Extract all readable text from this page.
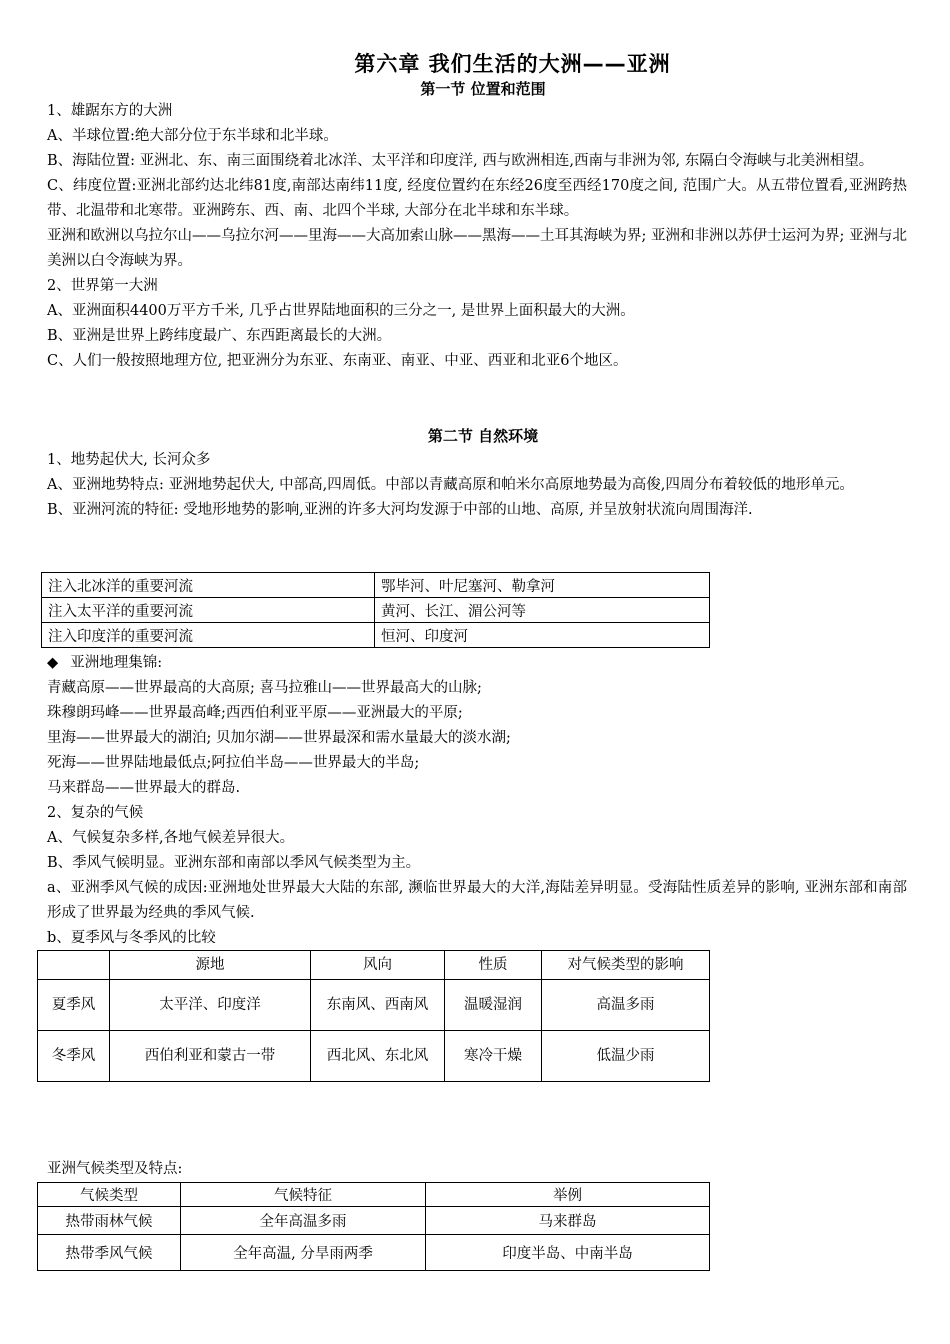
第六章 我们生活的大洲——亚洲
第一节 位置和范围

1、雄踞东方的大洲

A、半球位置:绝大部分位于东半球和北半球。

B、海陆位置: 亚洲北、东、南三面围绕着北冰洋、太平洋和印度洋, 西与欧洲相连,西南与非洲为邻, 东隔白令海峡与北美洲相望。

C、纬度位置:亚洲北部约达北纬81度,南部达南纬11度, 经度位置约在东经26度至西经170度之间, 范围广大。从五带位置看,亚洲跨热带、北温带和北寒带。亚洲跨东、西、南、北四个半球, 大部分在北半球和东半球。

亚洲和欧洲以乌拉尔山——乌拉尔河——里海——大高加索山脉——黑海——土耳其海峡为界; 亚洲和非洲以苏伊士运河为界; 亚洲与北美洲以白令海峡为界。

2、世界第一大洲

A、亚洲面积4400万平方千米, 几乎占世界陆地面积的三分之一, 是世界上面积最大的大洲。

B、亚洲是世界上跨纬度最广、东西距离最长的大洲。

C、人们一般按照地理方位, 把亚洲分为东亚、东南亚、南亚、中亚、西亚和北亚6个地区。

第二节 自然环境

1、地势起伏大, 长河众多

A、亚洲地势特点: 亚洲地势起伏大, 中部高,四周低。中部以青藏高原和帕米尔高原地势最为高俊,四周分布着较低的地形单元。

B、亚洲河流的特征: 受地形地势的影响,亚洲的许多大河均发源于中部的山地、高原, 并呈放射状流向周围海洋.

注入北冰洋的重要河流	鄂毕河、叶尼塞河、勒拿河
注入太平洋的重要河流	黄河、长江、湄公河等
注入印度洋的重要河流	恒河、印度河

◆ 亚洲地理集锦:

青藏高原——世界最高的大高原; 喜马拉雅山——世界最高大的山脉;

珠穆朗玛峰——世界最高峰;西西伯利亚平原——亚洲最大的平原;

里海——世界最大的湖泊; 贝加尔湖——世界最深和需水量最大的淡水湖;

死海——世界陆地最低点;阿拉伯半岛——世界最大的半岛;

马来群岛——世界最大的群岛.

2、复杂的气候

A、气候复杂多样,各地气候差异很大。

B、季风气候明显。亚洲东部和南部以季风气候类型为主。

a、亚洲季风气候的成因:亚洲地处世界最大大陆的东部, 濒临世界最大的大洋,海陆差异明显。受海陆性质差异的影响, 亚洲东部和南部形成了世界最为经典的季风气候.

b、夏季风与冬季风的比较

	源地	风向	性质	对气候类型的影响
夏季风	太平洋、印度洋	东南风、西南风	温暖湿润	高温多雨
冬季风	西伯利亚和蒙古一带	西北风、东北风	寒冷干燥	低温少雨

亚洲气候类型及特点:

气候类型	气候特征	举例
热带雨林气候	全年高温多雨	马来群岛
热带季风气候	全年高温, 分旱雨两季	印度半岛、中南半岛
